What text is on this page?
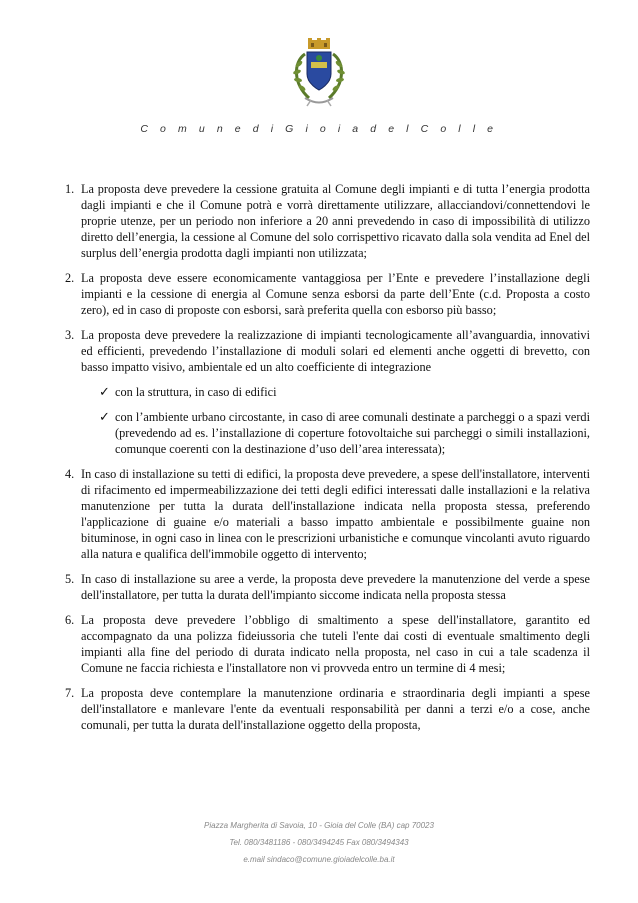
C o m u n e d i G i o i a d e l C o l l e
1. La proposta deve prevedere la cessione gratuita al Comune degli impianti e di tutta l’energia prodotta dagli impianti e che il Comune potrà e vorrà direttamente utilizzare, allacciandovi/connettendovi le proprie utenze, per un periodo non inferiore a 20 anni prevedendo in caso di impossibilità di utilizzo diretto dell’energia, la cessione al Comune del solo corrispettivo ricavato dalla sola vendita ad Enel del surplus dell’energia prodotta dagli impianti non utilizzata;
2. La proposta deve essere economicamente vantaggiosa per l’Ente e prevedere l’installazione degli impianti e la cessione di energia al Comune senza esborsi da parte dell’Ente (c.d. Proposta a costo zero), ed in caso di proposte con esborsi, sarà preferita quella con esborso più basso;
3. La proposta deve prevedere la realizzazione di impianti tecnologicamente all’avanguardia, innovativi ed efficienti, prevedendo l’installazione di moduli solari ed elementi anche oggetti di brevetto, con basso impatto visivo, ambientale ed un alto coefficiente di integrazione
✓ con la struttura, in caso di edifici
✓ con l’ambiente urbano circostante, in caso di aree comunali destinate a parcheggi o a spazi verdi (prevedendo ad es. l’installazione di coperture fotovoltaiche sui parcheggi o simili installazioni, comunque coerenti con la destinazione d’uso dell’area interessata);
4. In caso di installazione su tetti di edifici, la proposta deve prevedere, a spese dell'installatore, interventi di rifacimento ed impermeabilizzazione dei tetti degli edifici interessati dalle installazioni e la relativa manutenzione per tutta la durata dell'installazione indicata nella proposta stessa, preferendo l'applicazione di guaine e/o materiali a basso impatto ambientale e possibilmente guaine non bituminose, in ogni caso in linea con le prescrizioni urbanistiche e comunque vincolanti avuto riguardo alla natura e qualifica dell'immobile oggetto di intervento;
5. In caso di installazione su aree a verde, la proposta deve prevedere la manutenzione del verde a spese dell'installatore, per tutta la durata dell'impianto siccome indicata nella proposta stessa
6. La proposta deve prevedere l’obbligo di smaltimento a spese dell'installatore, garantito ed accompagnato da una polizza fideiussoria che tuteli l'ente dai costi di eventuale smaltimento degli impianti alla fine del periodo di durata indicato nella proposta, nel caso in cui a tale scadenza il Comune ne faccia richiesta e l'installatore non vi provveda entro un termine di 4 mesi;
7. La proposta deve contemplare la manutenzione ordinaria e straordinaria degli impianti a spese dell'installatore e manlevare l'ente da eventuali responsabilità per danni a terzi e/o a cose, anche comunali, per tutta la durata dell'installazione oggetto della proposta,
Piazza Margherita di Savoia, 10 - Gioia del Colle (BA) cap 70023
Tel. 080/3481186 - 080/3494245 Fax 080/3494343
e.mail sindaco@comune.gioiadelcolle.ba.it
